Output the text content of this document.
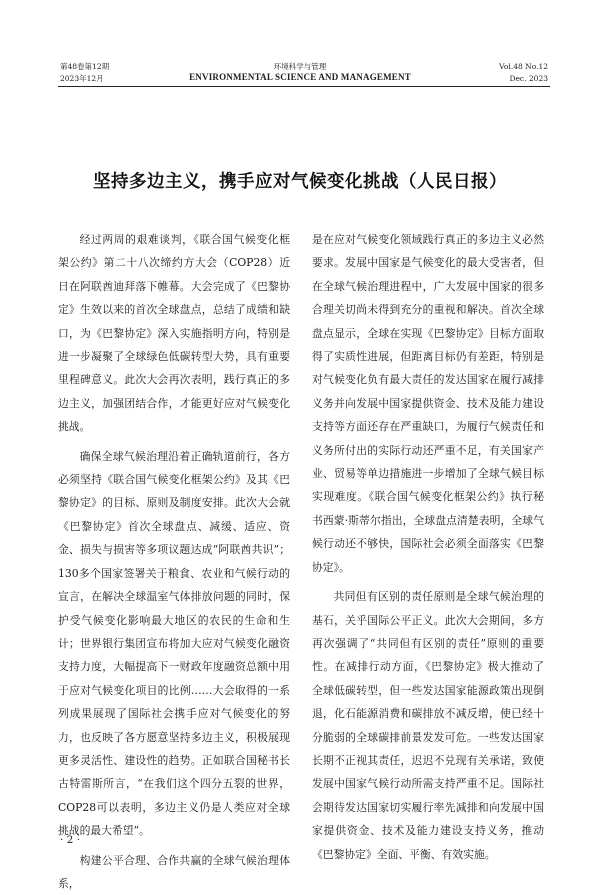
第48卷第12期
2023年12月
环境科学与管理
ENVIRONMENTAL SCIENCE AND MANAGEMENT
Vol.48 No.12
Dec. 2023
坚持多边主义，携手应对气候变化挑战（人民日报）

经过两周的艰难谈判，《联合国气候变化框架公约》第二十八次缔约方大会（COP28）近日在阿联酋迪拜落下帷幕。大会完成了《巴黎协定》生效以来的首次全球盘点，总结了成绩和缺口，为《巴黎协定》深入实施指明方向，特别是进一步凝聚了全球绿色低碳转型大势，具有重要里程碑意义。此次大会再次表明，践行真正的多边主义，加强团结合作，才能更好应对气候变化挑战。

确保全球气候治理沿着正确轨道前行，各方必须坚持《联合国气候变化框架公约》及其《巴黎协定》的目标、原则及制度安排。此次大会就《巴黎协定》首次全球盘点、减缓、适应、资金、损失与损害等多项议题达成“阿联酋共识”；130多个国家签署关于粮食、农业和气候行动的宣言，在解决全球温室气体排放问题的同时，保护受气候变化影响最大地区的农民的生命和生计；世界银行集团宣布将加大应对气候变化融资支持力度，大幅提高下一财政年度融资总额中用于应对气候变化项目的比例……大会取得的一系列成果展现了国际社会携手应对气候变化的努力，也反映了各方愿意坚持多边主义，积极展现更多灵活性、建设性的趋势。正如联合国秘书长古特雷斯所言，“在我们这个四分五裂的世界，COP28可以表明，多边主义仍是人类应对全球挑战的最大希望”。

构建公平合理、合作共赢的全球气候治理体系，

是在应对气候变化领域践行真正的多边主义必然要求。发展中国家是气候变化的最大受害者，但在全球气候治理进程中，广大发展中国家的很多合理关切尚未得到充分的重视和解决。首次全球盘点显示，全球在实现《巴黎协定》目标方面取得了实质性进展，但距离目标仍有差距，特别是对气候变化负有最大责任的发达国家在履行减排义务并向发展中国家提供资金、技术及能力建设支持等方面还存在严重缺口，为履行气候责任和义务所付出的实际行动还严重不足，有关国家产业、贸易等单边措施进一步增加了全球气候目标实现难度。《联合国气候变化框架公约》执行秘书西蒙·斯蒂尔指出，全球盘点清楚表明，全球气候行动还不够快，国际社会必须全面落实《巴黎协定》。

共同但有区别的责任原则是全球气候治理的基石，关乎国际公平正义。此次大会期间，多方再次强调了“共同但有区别的责任”原则的重要性。在减排行动方面，《巴黎协定》极大推动了全球低碳转型，但一些发达国家能源政策出现倒退，化石能源消费和碳排放不减反增，使已经十分脆弱的全球碳排前景发发可危。一些发达国家长期不正视其责任，迟迟不兑现有关承诺，致使发展中国家气候行动所需支持严重不足。国际社会期待发达国家切实履行率先减排和向发展中国家提供资金、技术及能力建设支持义务，推动《巴黎协定》全面、平衡、有效实施。

· 2 ·
